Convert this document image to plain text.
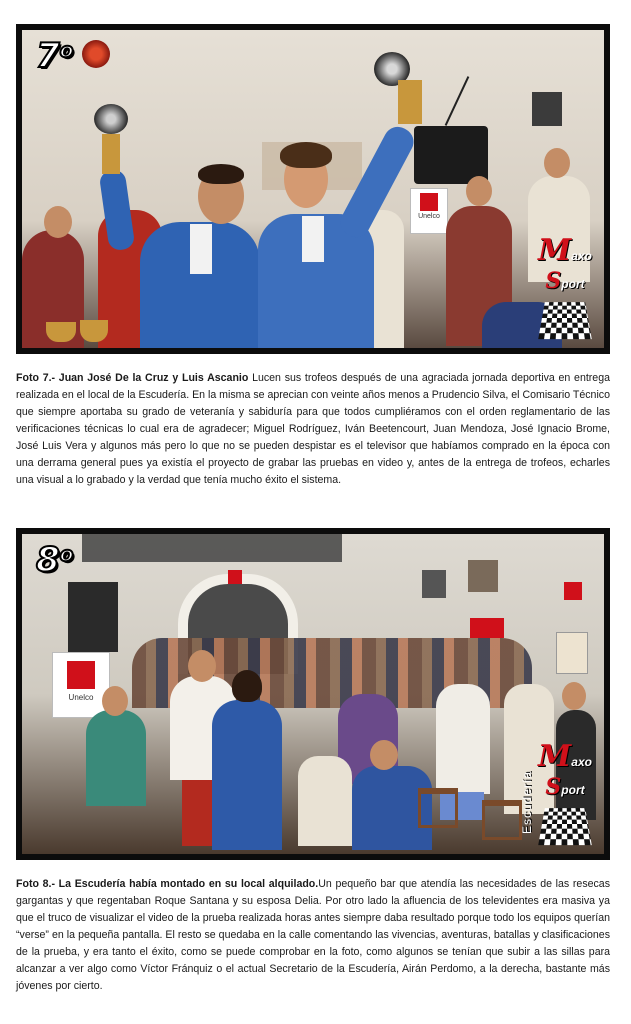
7$^o$
Unelco
Maxo
Sport

Foto 7.- Juan José De la Cruz y Luis Ascanio Lucen sus trofeos después de una agraciada jornada deportiva en entrega realizada en el local de la Escudería. En la misma se aprecian con veinte años menos a Prudencio Silva, el Comisario Técnico que siempre aportaba su grado de veteranía y sabiduría para que todos cumpliéramos con el orden reglamentario de las verificaciones técnicas lo cual era de agradecer; Miguel Rodríguez, Iván Beetencourt, Juan Mendoza, José Ignacio Brome, José Luis Vera y algunos más pero lo que no se pueden despistar es el televisor que habíamos comprado en la época con una derrama general pues ya existía el proyecto de grabar las pruebas en video y, antes de la entrega de trofeos, echarles una visual a lo grabado y la verdad que tenía mucho éxito el sistema.

8$^o$
Unelco
Escudería
Maxo
Sport

Foto 8.- La Escudería había montado en su local alquilado.Un pequeño bar que atendía las necesidades de las resecas gargantas y que regentaban Roque Santana y su esposa Delia. Por otro lado la afluencia de los televidentes era masiva ya que el truco de visualizar el video de la prueba realizada horas antes siempre daba resultado porque todo los equipos querían “verse” en la pequeña pantalla. El resto se quedaba en la calle comentando las vivencias, aventuras, batallas y clasificaciones de la prueba, y era tanto el éxito, como se puede comprobar en la foto, como algunos se tenían que subir a las sillas para alcanzar a ver algo como Víctor Fránquiz o el actual Secretario de la Escudería, Airán Perdomo, a la derecha, bastante más jóvenes por cierto.
